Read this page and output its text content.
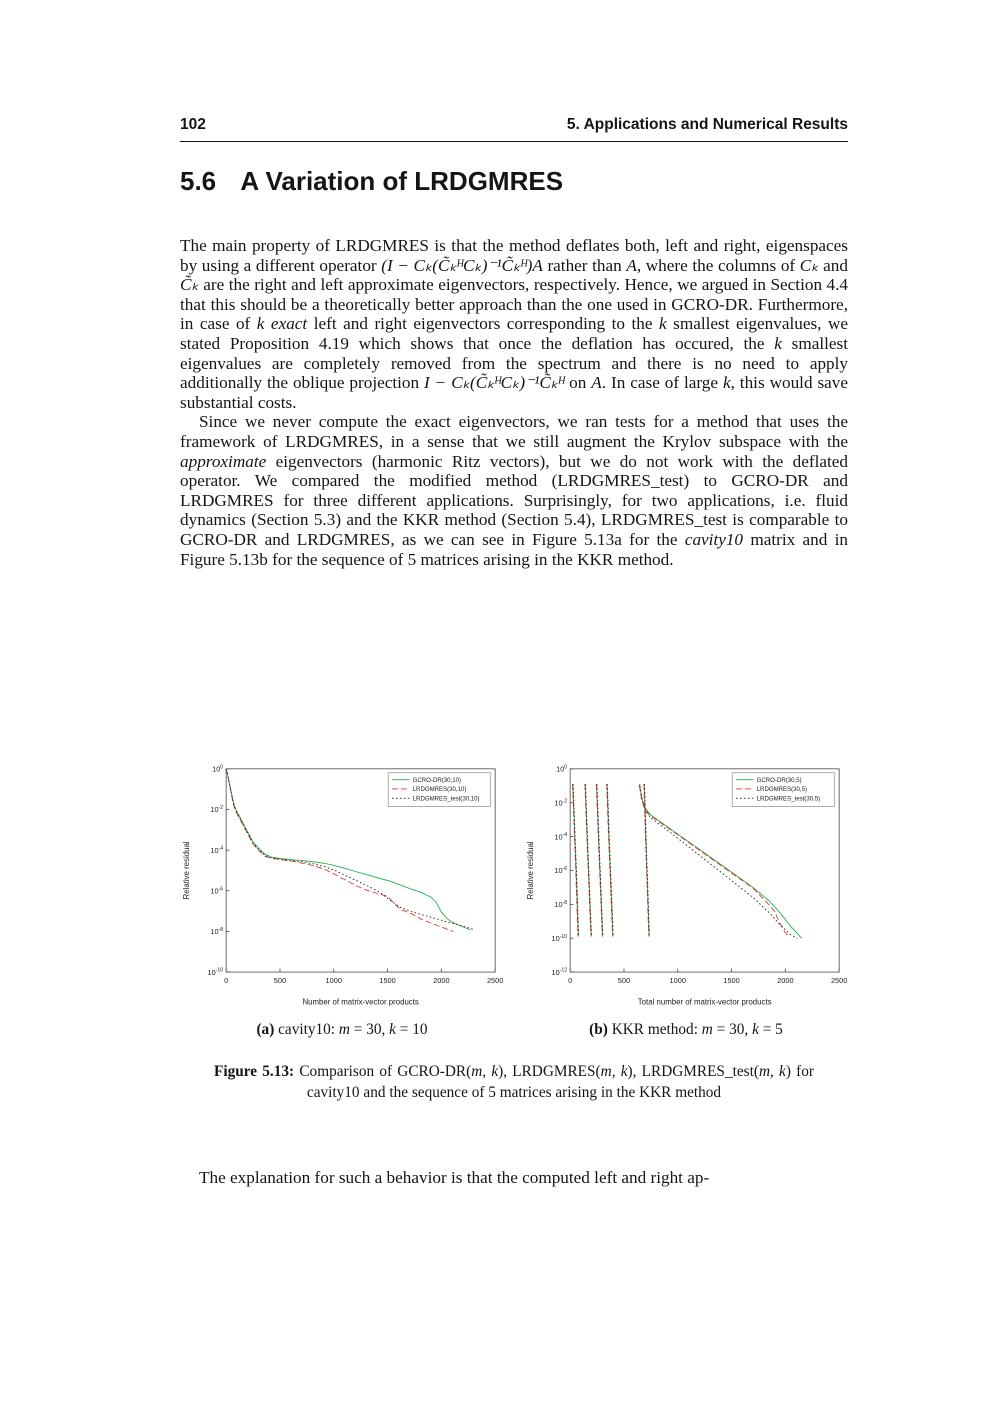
102	5. Applications and Numerical Results
5.6 A Variation of LRDGMRES

The main property of LRDGMRES is that the method deflates both, left and right, eigenspaces by using a different operator (I − Cₖ(C̃ₖᴴCₖ)⁻¹C̃ₖᴴ)A rather than A, where the columns of Cₖ and C̃ₖ are the right and left approximate eigenvectors, respectively. Hence, we argued in Section 4.4 that this should be a theoretically better approach than the one used in GCRO-DR. Furthermore, in case of k exact left and right eigenvectors corresponding to the k smallest eigenvalues, we stated Proposition 4.19 which shows that once the deflation has occured, the k smallest eigenvalues are completely removed from the spectrum and there is no need to apply additionally the oblique projection I − Cₖ(C̃ₖᴴCₖ)⁻¹C̃ₖᴴ on A. In case of large k, this would save substantial costs.

Since we never compute the exact eigenvectors, we ran tests for a method that uses the framework of LRDGMRES, in a sense that we still augment the Krylov subspace with the approximate eigenvectors (harmonic Ritz vectors), but we do not work with the deflated operator. We compared the modified method (LRDGMRES_test) to GCRO-DR and LRDGMRES for three different applications. Surprisingly, for two applications, i.e. fluid dynamics (Section 5.3) and the KKR method (Section 5.4), LRDGMRES_test is comparable to GCRO-DR and LRDGMRES, as we can see in Figure 5.13a for the cavity10 matrix and in Figure 5.13b for the sequence of 5 matrices arising in the KKR method.

0	500	1000	1500	2000	2500
$10^0$
$10^{-2}$
$10^{-4}$
$10^{-6}$
$10^{-8}$
$10^{-10}$
Number of matrix-vector products
Relative residual
GCRO-DR(30,10)
LRDGMRES(30,10)
LRDGMRES_test(30,10)
(a) cavity10: m = 30, k = 10
0	500	1000	1500	2000	2500
$10^0$
$10^{-2}$
$10^{-4}$
$10^{-6}$
$10^{-8}$
$10^{-10}$
$10^{-12}$
Total number of matrix-vector products
Relative residual
GCRO-DR(30,5)
LRDGMRES(30,5)
LRDGMRES_test(30,5)
(b) KKR method: m = 30, k = 5
Figure 5.13: Comparison of GCRO-DR(m, k), LRDGMRES(m, k), LRDGMRES_test(m, k) for cavity10 and the sequence of 5 matrices arising in the KKR method

The explanation for such a behavior is that the computed left and right ap-
